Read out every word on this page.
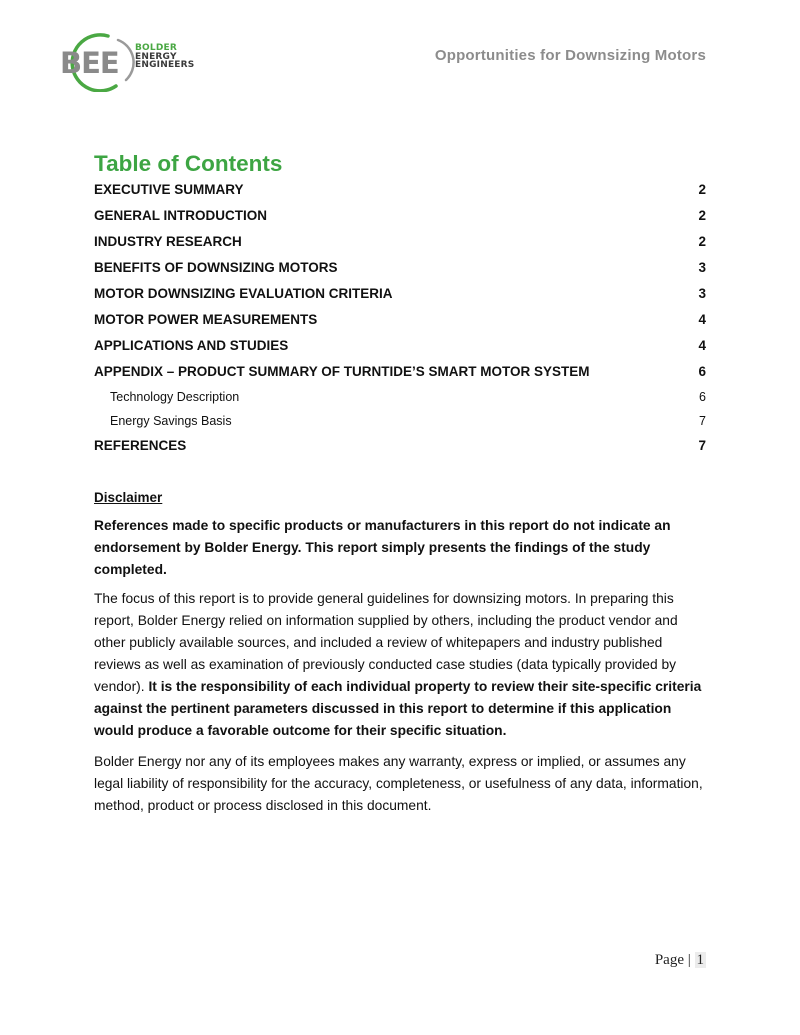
BEE BOLDER
ENERGY
ENGINEERS
Opportunities for Downsizing Motors
Table of Contents
EXECUTIVE SUMMARY	2
GENERAL INTRODUCTION	2
INDUSTRY RESEARCH	2
BENEFITS OF DOWNSIZING MOTORS	3
MOTOR DOWNSIZING EVALUATION CRITERIA	3
MOTOR POWER MEASUREMENTS	4
APPLICATIONS AND STUDIES	4
APPENDIX – PRODUCT SUMMARY OF TURNTIDE’S SMART MOTOR SYSTEM	6
Technology Description	6
Energy Savings Basis	7
REFERENCES	7
Disclaimer

References made to specific products or manufacturers in this report do not indicate an endorsement by Bolder Energy. This report simply presents the findings of the study completed.

The focus of this report is to provide general guidelines for downsizing motors. In preparing this report, Bolder Energy relied on information supplied by others, including the product vendor and other publicly available sources, and included a review of whitepapers and industry published reviews as well as examination of previously conducted case studies (data typically provided by vendor). It is the responsibility of each individual property to review their site-specific criteria against the pertinent parameters discussed in this report to determine if this application would produce a favorable outcome for their specific situation.

Bolder Energy nor any of its employees makes any warranty, express or implied, or assumes any legal liability of responsibility for the accuracy, completeness, or usefulness of any data, information, method, product or process disclosed in this document.

Page | 1
